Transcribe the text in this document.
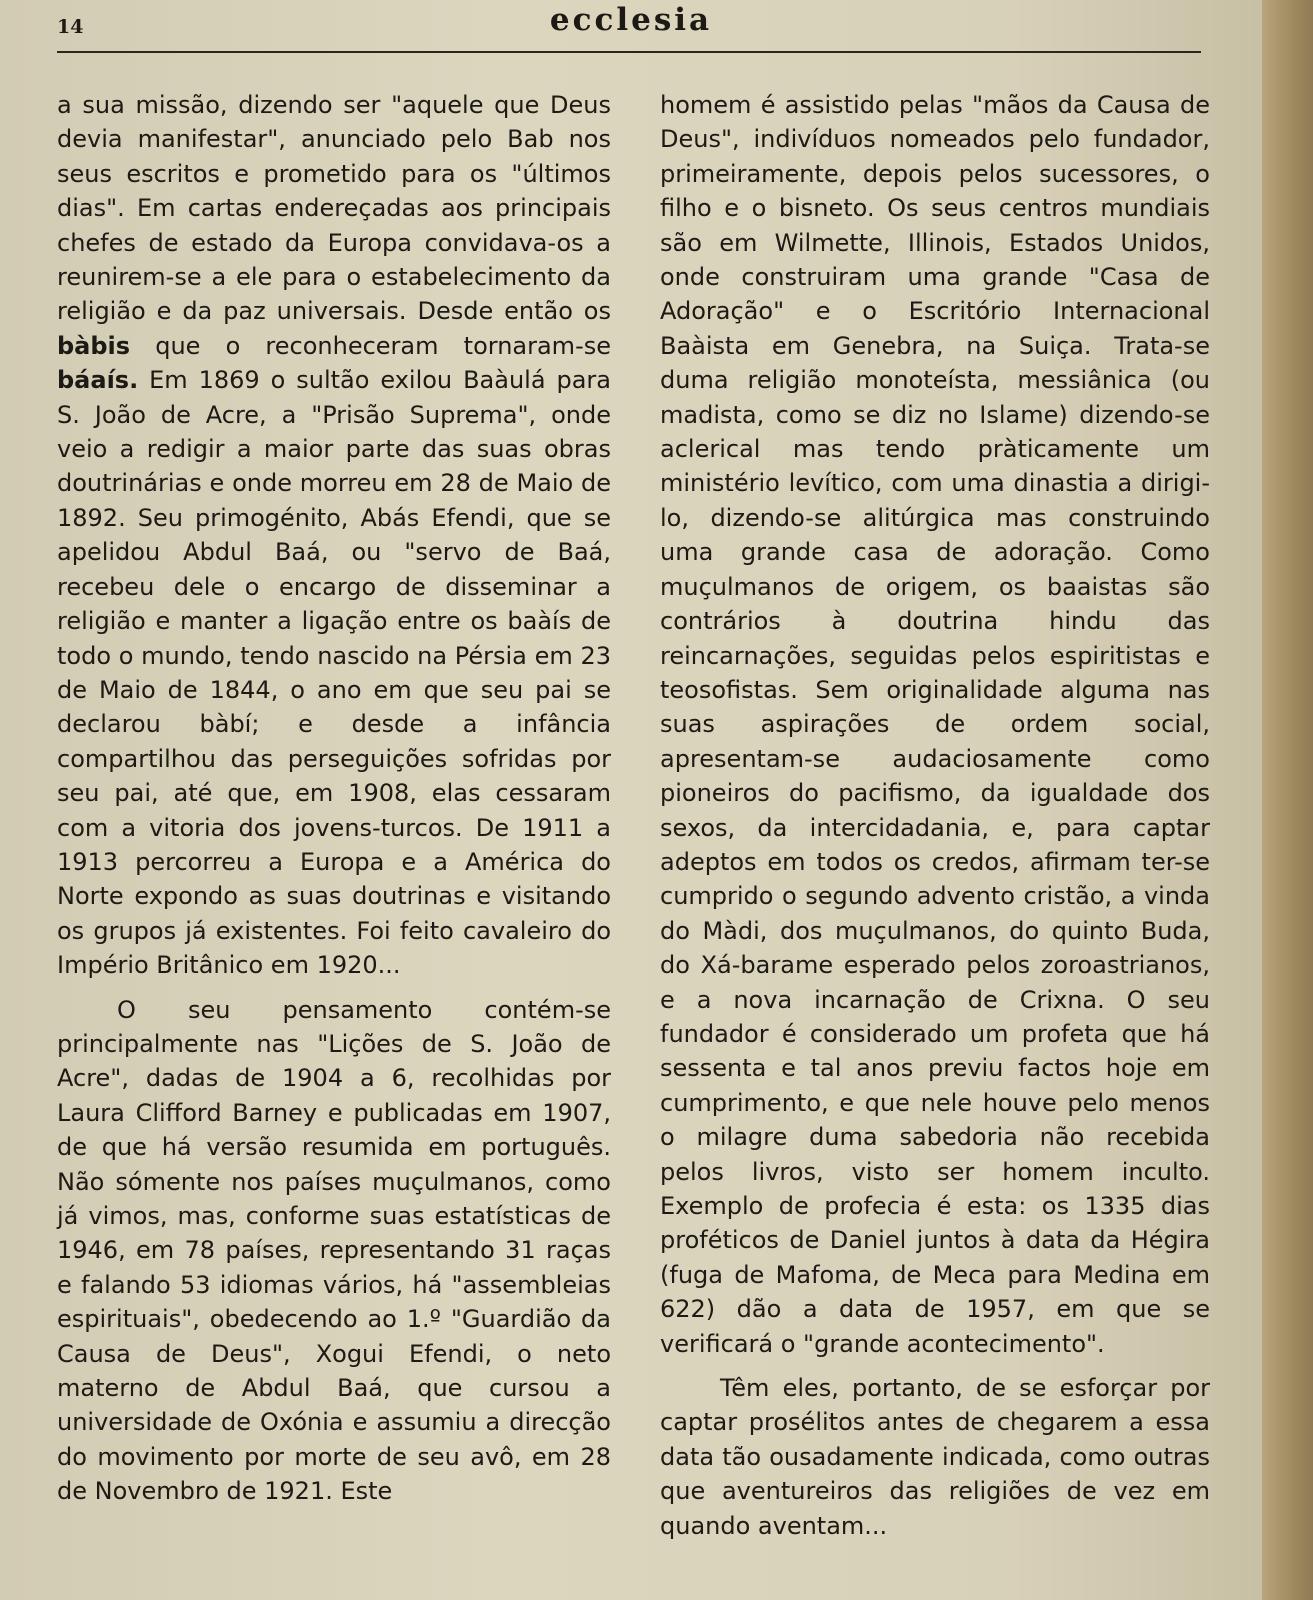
14	ecclesia

a sua missão, dizendo ser "aquele que Deus devia manifestar", anunciado pelo Bab nos seus escritos e prometido para os "últimos dias". Em cartas endereçadas aos principais chefes de estado da Europa convidava-os a reunirem-se a ele para o estabelecimento da religião e da paz universais. Desde então os bàbis que o reconheceram tornaram-se báaís. Em 1869 o sultão exilou Baàulá para S. João de Acre, a "Prisão Suprema", onde veio a redigir a maior parte das suas obras doutrinárias e onde morreu em 28 de Maio de 1892. Seu primogénito, Abás Efendi, que se apelidou Abdul Baá, ou "servo de Baá, recebeu dele o encargo de disseminar a religião e manter a ligação entre os baàís de todo o mundo, tendo nascido na Pérsia em 23 de Maio de 1844, o ano em que seu pai se declarou bàbí; e desde a infância compartilhou das perseguições sofridas por seu pai, até que, em 1908, elas cessaram com a vitoria dos jovens-turcos. De 1911 a 1913 percorreu a Europa e a América do Norte expondo as suas doutrinas e visitando os grupos já existentes. Foi feito cavaleiro do Império Britânico em 1920...

O seu pensamento contém-se principalmente nas "Lições de S. João de Acre", dadas de 1904 a 6, recolhidas por Laura Clifford Barney e publicadas em 1907, de que há versão resumida em português. Não sómente nos países muçulmanos, como já vimos, mas, conforme suas estatísticas de 1946, em 78 países, representando 31 raças e falando 53 idiomas vários, há "assembleias espirituais", obedecendo ao 1.º "Guardião da Causa de Deus", Xogui Efendi, o neto materno de Abdul Baá, que cursou a universidade de Oxónia e assumiu a direcção do movimento por morte de seu avô, em 28 de Novembro de 1921. Este

homem é assistido pelas "mãos da Causa de Deus", indivíduos nomeados pelo fundador, primeiramente, depois pelos sucessores, o filho e o bisneto. Os seus centros mundiais são em Wilmette, Illinois, Estados Unidos, onde construiram uma grande "Casa de Adoração" e o Escritório Internacional Baàista em Genebra, na Suiça. Trata-se duma religião monoteísta, messiânica (ou madista, como se diz no Islame) dizendo-se aclerical mas tendo pràticamente um ministério levítico, com uma dinastia a dirigi-lo, dizendo-se alitúrgica mas construindo uma grande casa de adoração. Como muçulmanos de origem, os baaistas são contrários à doutrina hindu das reincarnações, seguidas pelos espiritistas e teosofistas. Sem originalidade alguma nas suas aspirações de ordem social, apresentam-se audaciosamente como pioneiros do pacifismo, da igualdade dos sexos, da intercidadania, e, para captar adeptos em todos os credos, afirmam ter-se cumprido o segundo advento cristão, a vinda do Màdi, dos muçulmanos, do quinto Buda, do Xá-barame esperado pelos zoroastrianos, e a nova incarnação de Crixna. O seu fundador é considerado um profeta que há sessenta e tal anos previu factos hoje em cumprimento, e que nele houve pelo menos o milagre duma sabedoria não recebida pelos livros, visto ser homem inculto. Exemplo de profecia é esta: os 1335 dias proféticos de Daniel juntos à data da Hégira (fuga de Mafoma, de Meca para Medina em 622) dão a data de 1957, em que se verificará o "grande acontecimento".

Têm eles, portanto, de se esforçar por captar prosélitos antes de chegarem a essa data tão ousadamente indicada, como outras que aventureiros das religiões de vez em quando aventam...
